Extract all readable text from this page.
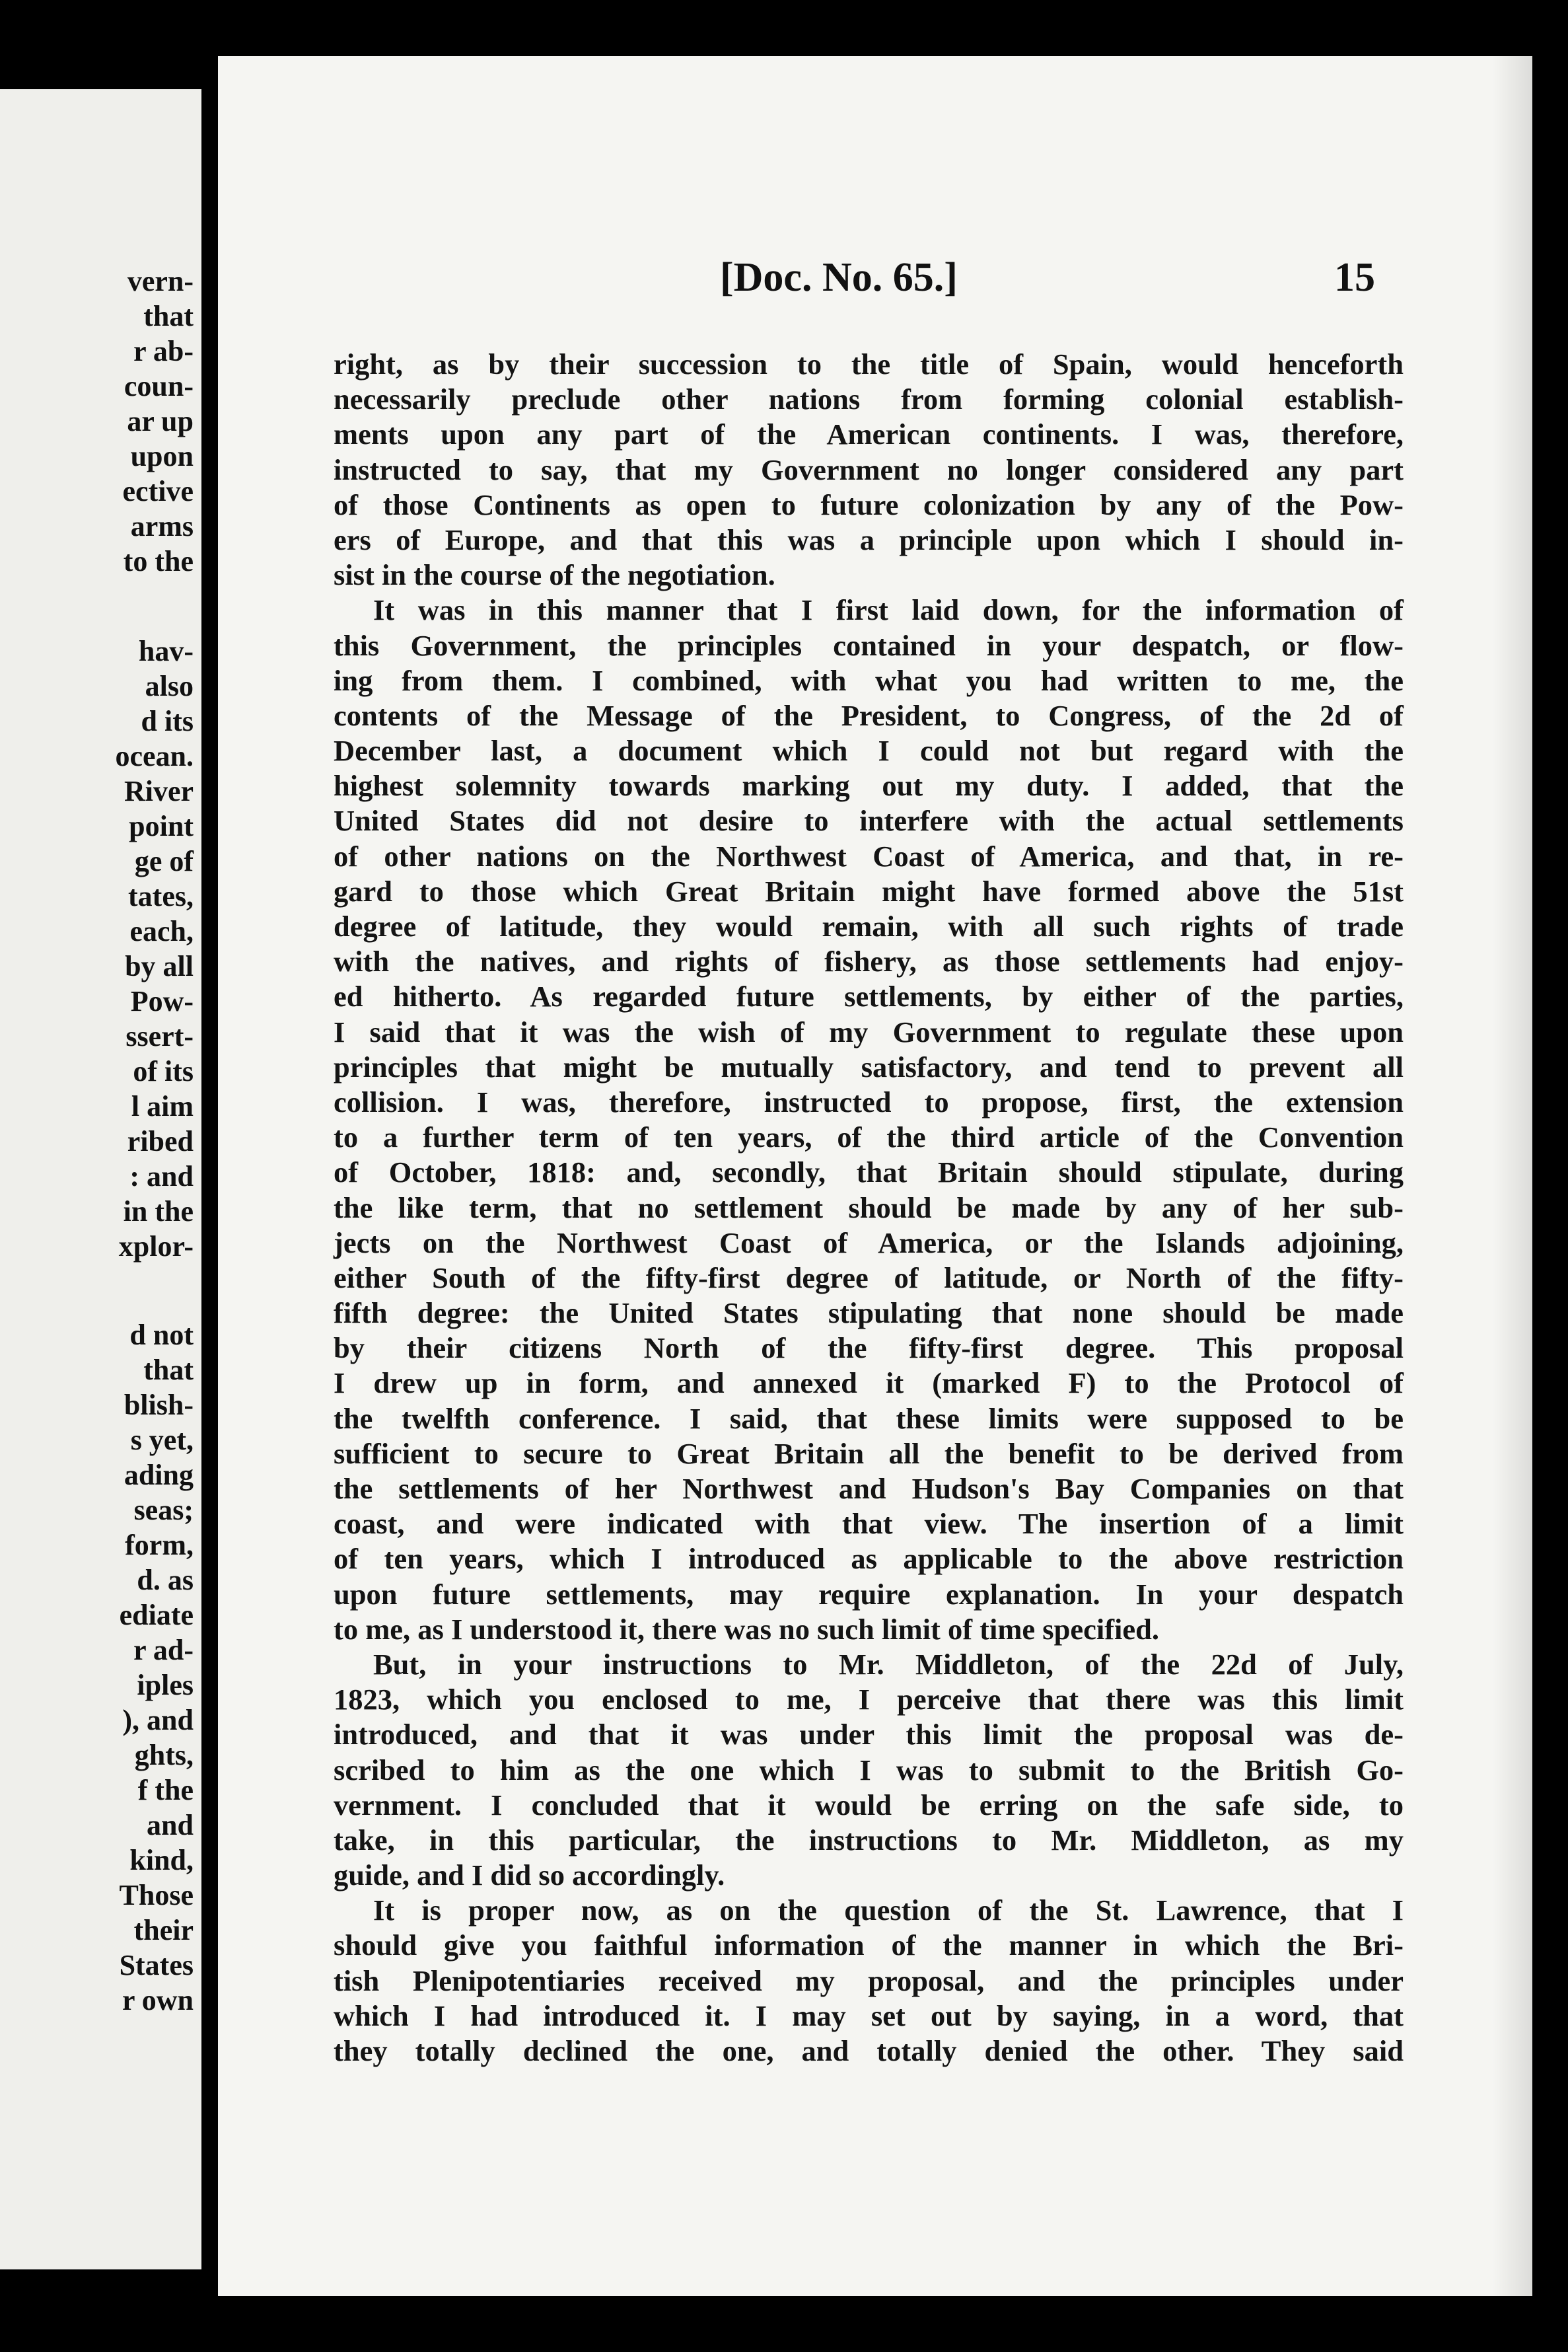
vern-
that
r ab-
coun-
ar up
upon
ective
arms
to the
hav-
also
d its
ocean.
River
point
ge of
tates,
each,
by all
Pow-
ssert-
of its
l aim
ribed
: and
in the
xplor-
d not
that
blish-
s yet,
ading
seas;
form,
d. as
ediate
r ad-
iples
), and
ghts,
f the
and
kind,
Those
their
States
r own
[Doc. No. 65.]	15
right, as by their succession to the title of Spain, would henceforth
necessarily preclude other nations from forming colonial establish-
ments upon any part of the American continents. I was, therefore,
instructed to say, that my Government no longer considered any part
of those Continents as open to future colonization by any of the Pow-
ers of Europe, and that this was a principle upon which I should in-
sist in the course of the negotiation.
It was in this manner that I first laid down, for the information of
this Government, the principles contained in your despatch, or flow-
ing from them. I combined, with what you had written to me, the
contents of the Message of the President, to Congress, of the 2d of
December last, a document which I could not but regard with the
highest solemnity towards marking out my duty. I added, that the
United States did not desire to interfere with the actual settlements
of other nations on the Northwest Coast of America, and that, in re-
gard to those which Great Britain might have formed above the 51st
degree of latitude, they would remain, with all such rights of trade
with the natives, and rights of fishery, as those settlements had enjoy-
ed hitherto. As regarded future settlements, by either of the parties,
I said that it was the wish of my Government to regulate these upon
principles that might be mutually satisfactory, and tend to prevent all
collision. I was, therefore, instructed to propose, first, the extension
to a further term of ten years, of the third article of the Convention
of October, 1818: and, secondly, that Britain should stipulate, during
the like term, that no settlement should be made by any of her sub-
jects on the Northwest Coast of America, or the Islands adjoining,
either South of the fifty-first degree of latitude, or North of the fifty-
fifth degree: the United States stipulating that none should be made
by their citizens North of the fifty-first degree. This proposal
I drew up in form, and annexed it (marked F) to the Protocol of
the twelfth conference. I said, that these limits were supposed to be
sufficient to secure to Great Britain all the benefit to be derived from
the settlements of her Northwest and Hudson's Bay Companies on that
coast, and were indicated with that view. The insertion of a limit
of ten years, which I introduced as applicable to the above restriction
upon future settlements, may require explanation. In your despatch
to me, as I understood it, there was no such limit of time specified.
But, in your instructions to Mr. Middleton, of the 22d of July,
1823, which you enclosed to me, I perceive that there was this limit
introduced, and that it was under this limit the proposal was de-
scribed to him as the one which I was to submit to the British Go-
vernment. I concluded that it would be erring on the safe side, to
take, in this particular, the instructions to Mr. Middleton, as my
guide, and I did so accordingly.
It is proper now, as on the question of the St. Lawrence, that I
should give you faithful information of the manner in which the Bri-
tish Plenipotentiaries received my proposal, and the principles under
which I had introduced it. I may set out by saying, in a word, that
they totally declined the one, and totally denied the other. They said
